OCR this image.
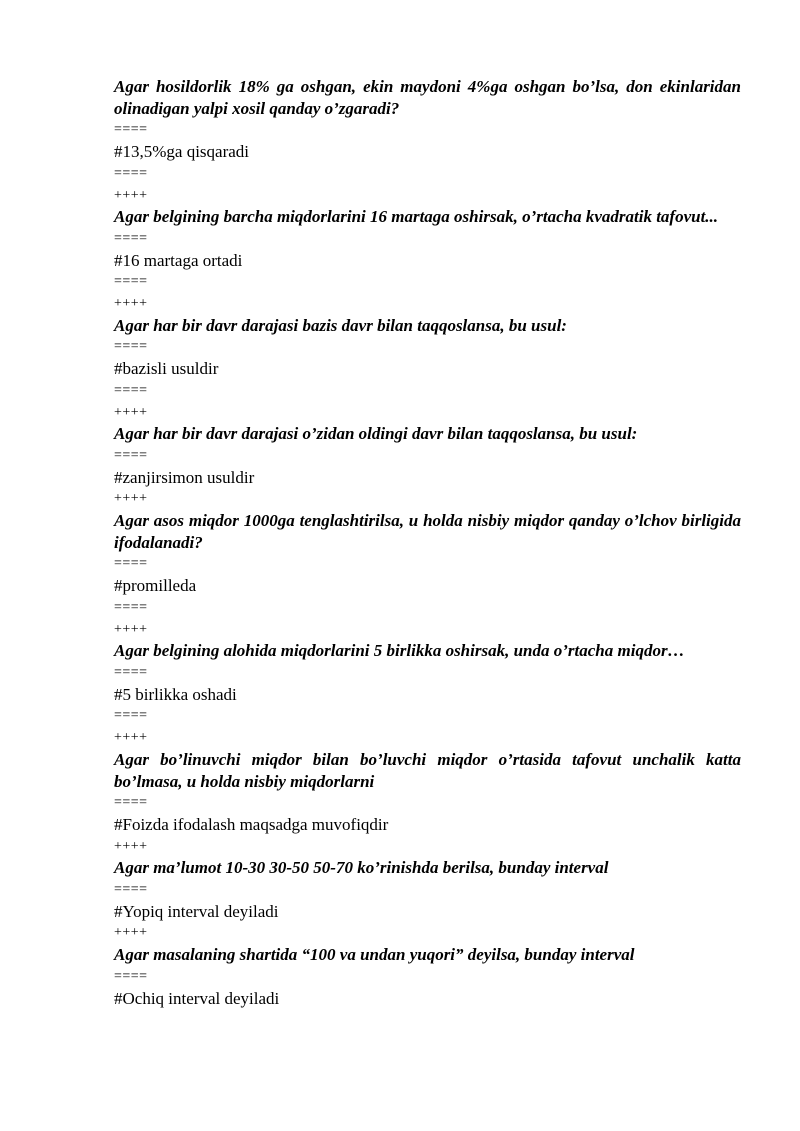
Agar hosildorlik 18% ga oshgan, ekin maydoni 4%ga oshgan bo’lsa, don ekinlaridan olinadigan yalpi xosil qanday o’zgaradi?

====

#13,5%ga qisqaradi

====

++++

Agar belgining barcha miqdorlarini 16 martaga oshirsak, o’rtacha kvadratik tafovut...

====

#16 martaga ortadi

====

++++

Agar har bir davr darajasi bazis davr bilan taqqoslansa, bu usul:

====

#bazisli usuldir

====

++++

Agar har bir davr darajasi o’zidan oldingi davr bilan taqqoslansa, bu usul:

====

#zanjirsimon usuldir

++++

Agar asos miqdor 1000ga tenglashtirilsa, u holda nisbiy miqdor qanday o’lchov birligida ifodalanadi?

====

#promilleda

====

++++

Agar belgining alohida miqdorlarini 5 birlikka oshirsak, unda o’rtacha miqdor…

====

#5 birlikka oshadi

====

++++

Agar bo’linuvchi miqdor bilan bo’luvchi miqdor o’rtasida tafovut unchalik katta bo’lmasa, u holda nisbiy miqdorlarni

====

#Foizda ifodalash maqsadga muvofiqdir

++++

Agar ma’lumot 10-30 30-50 50-70 ko’rinishda berilsa, bunday interval

====

#Yopiq interval deyiladi

++++

Agar masalaning shartida “100 va undan yuqori” deyilsa, bunday interval

====

#Ochiq interval deyiladi
